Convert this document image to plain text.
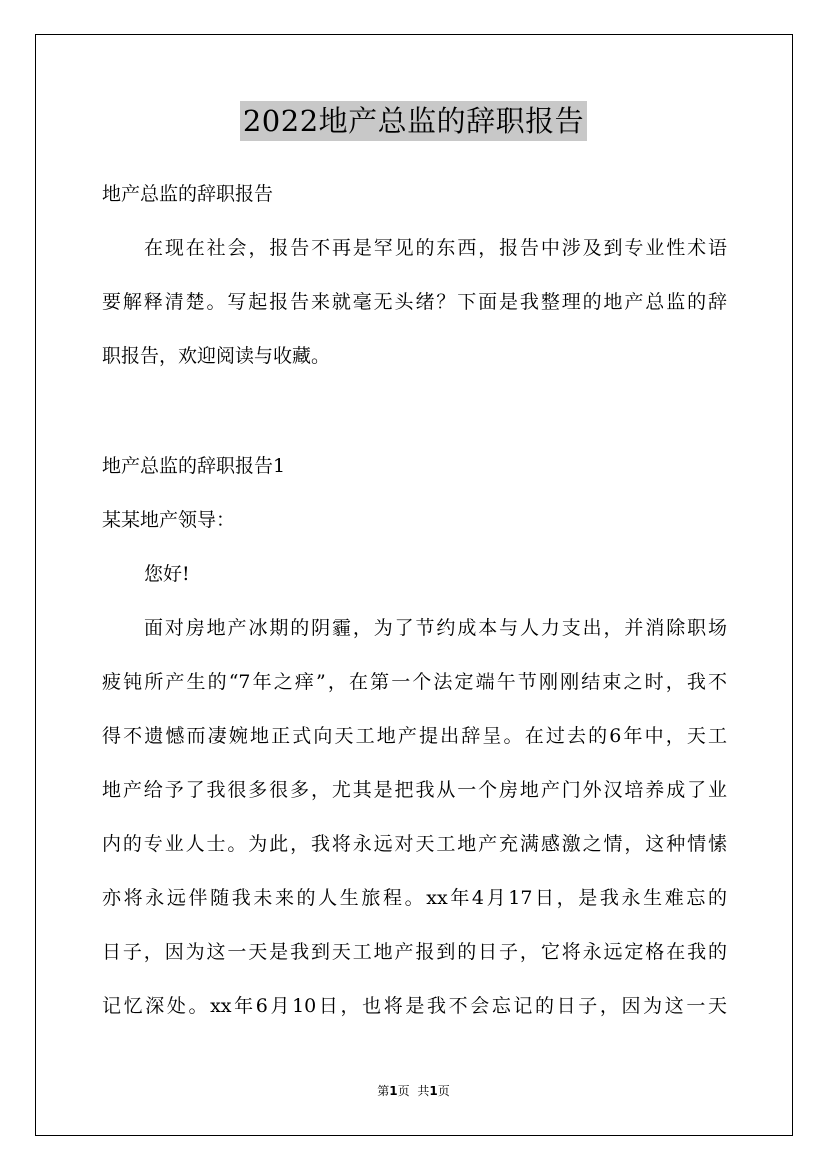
2022地产总监的辞职报告
地产总监的辞职报告
在现在社会，报告不再是罕见的东西，报告中涉及到专业性术语
要解释清楚。写起报告来就毫无头绪？下面是我整理的地产总监的辞
职报告，欢迎阅读与收藏。
地产总监的辞职报告1
某某地产领导：
您好!
面对房地产冰期的阴霾，为了节约成本与人力支出，并消除职场
疲钝所产生的“7年之痒”，在第一个法定端午节刚刚结束之时，我不
得不遗憾而凄婉地正式向天工地产提出辞呈。在过去的6年中，天工
地产给予了我很多很多，尤其是把我从一个房地产门外汉培养成了业
内的专业人士。为此，我将永远对天工地产充满感激之情，这种情愫
亦将永远伴随我未来的人生旅程。xx年4月17日，是我永生难忘的
日子，因为这一天是我到天工地产报到的日子，它将永远定格在我的
记忆深处。xx年6月10日，也将是我不会忘记的日子，因为这一天
第1页 共1页
